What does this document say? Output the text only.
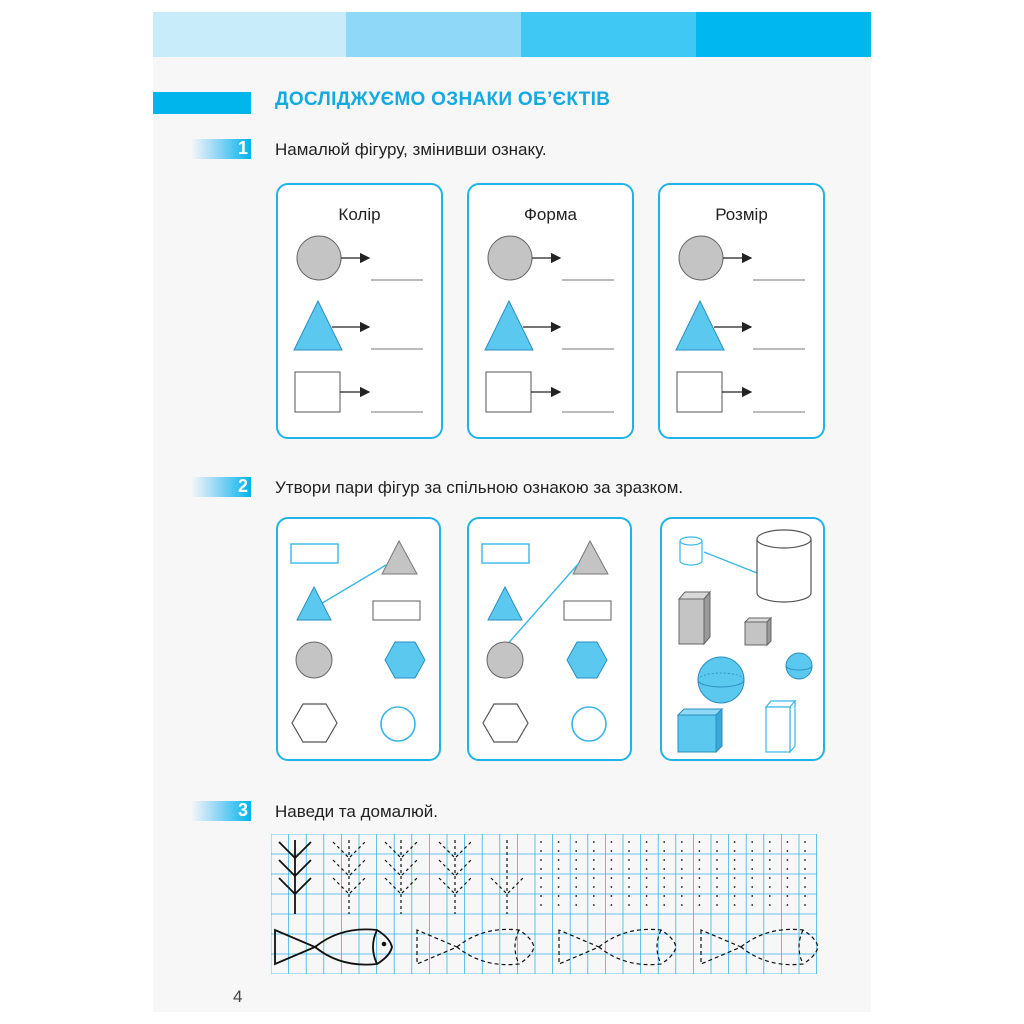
ДОСЛІДЖУЄМО ОЗНАКИ ОБ’ЄКТІВ
1 Намалюй фігуру, змінивши ознаку.
Колір	Форма	Розмір
2 Утвори пари фігур за спільною ознакою за зразком.
3 Наведи та домалюй.
4
